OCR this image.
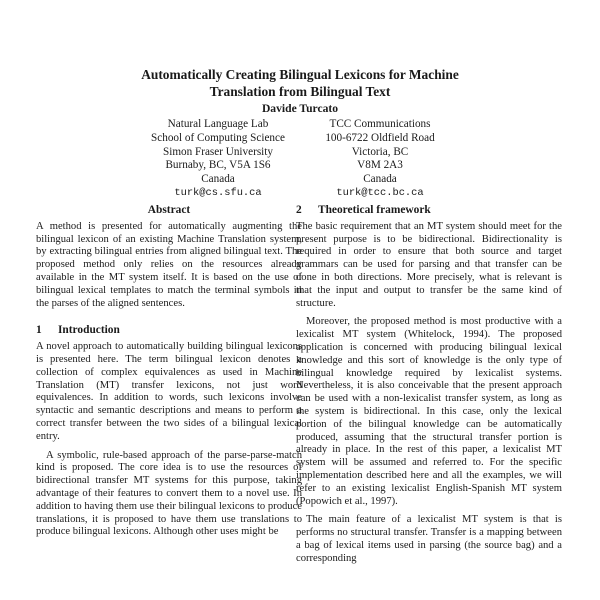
Automatically Creating Bilingual Lexicons for Machine
Translation from Bilingual Text
Davide Turcato
Natural Language Lab
School of Computing Science
Simon Fraser University
Burnaby, BC, V5A 1S6
Canada
turk@cs.sfu.ca
TCC Communications
100-6722 Oldfield Road
Victoria, BC
V8M 2A3
Canada
turk@tcc.bc.ca
Abstract

A method is presented for automatically augmenting the bilingual lexicon of an existing Machine Translation system, by extracting bilingual entries from aligned bilingual text. The proposed method only relies on the resources already available in the MT system itself. It is based on the use of bilingual lexical templates to match the terminal symbols in the parses of the aligned sentences.

1 Introduction

A novel approach to automatically building bilingual lexicons is presented here. The term bilingual lexicon denotes a collection of complex equivalences as used in Machine Translation (MT) transfer lexicons, not just word equivalences. In addition to words, such lexicons involve syntactic and semantic descriptions and means to perform a correct transfer between the two sides of a bilingual lexical entry.

A symbolic, rule-based approach of the parse-parse-match kind is proposed. The core idea is to use the resources of bidirectional transfer MT systems for this purpose, taking advantage of their features to convert them to a novel use. In addition to having them use their bilingual lexicons to produce translations, it is proposed to have them use translations to produce bilingual lexicons. Although other uses might be

2 Theoretical framework

The basic requirement that an MT system should meet for the present purpose is to be bidirectional. Bidirectionality is required in order to ensure that both source and target grammars can be used for parsing and that transfer can be done in both directions. More precisely, what is relevant is that the input and output to transfer be the same kind of structure.

Moreover, the proposed method is most productive with a lexicalist MT system (Whitelock, 1994). The proposed application is concerned with producing bilingual lexical knowledge and this sort of knowledge is the only type of bilingual knowledge required by lexicalist systems. Nevertheless, it is also conceivable that the present approach can be used with a non-lexicalist transfer system, as long as the system is bidirectional. In this case, only the lexical portion of the bilingual knowledge can be automatically produced, assuming that the structural transfer portion is already in place. In the rest of this paper, a lexicalist MT system will be assumed and referred to. For the specific implementation described here and all the examples, we will refer to an existing lexicalist English-Spanish MT system (Popowich et al., 1997).

The main feature of a lexicalist MT system is that is performs no structural transfer. Transfer is a mapping between a bag of lexical items used in parsing (the source bag) and a corresponding
